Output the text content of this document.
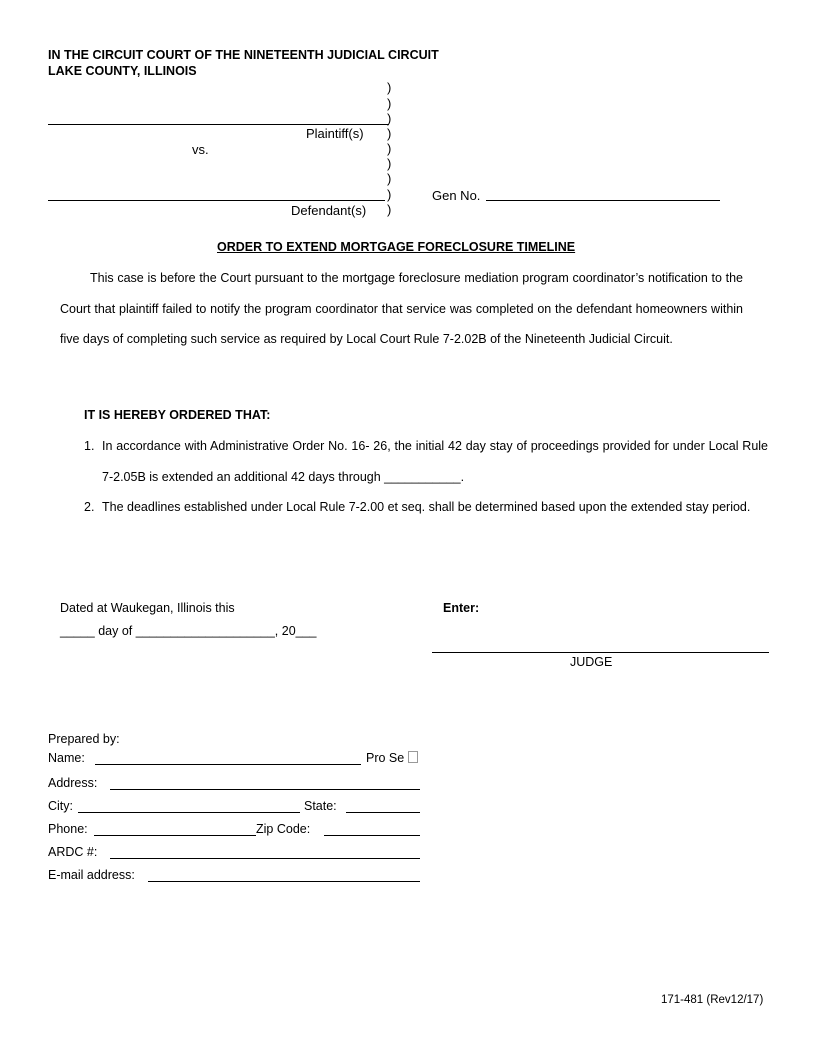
IN THE CIRCUIT COURT OF THE NINETEENTH JUDICIAL CIRCUIT
LAKE COUNTY, ILLINOIS
)
)
)
)
)
)
)
)
)
Plaintiff(s)
vs.
Defendant(s)
Gen No.
ORDER TO EXTEND MORTGAGE FORECLOSURE TIMELINE
This case is before the Court pursuant to the mortgage foreclosure mediation program coordinator’s notification to the Court that plaintiff failed to notify the program coordinator that service was completed on the defendant homeowners within five days of completing such service as required by Local Court Rule 7-2.02B of the Nineteenth Judicial Circuit.
IT IS HEREBY ORDERED THAT:
1. In accordance with Administrative Order No. 16- 26, the initial 42 day stay of proceedings provided for under Local Rule 7-2.05B is extended an additional 42 days through ___________.
2. The deadlines established under Local Rule 7-2.00 et seq. shall be determined based upon the extended stay period.
Dated at Waukegan, Illinois this
_____ day of ____________________, 20___
Enter:
JUDGE
Prepared by:
Name:	Pro Se
Address:
City:	State:
Phone:	Zip Code:
ARDC #:
E-mail address:
171-481 (Rev12/17)
